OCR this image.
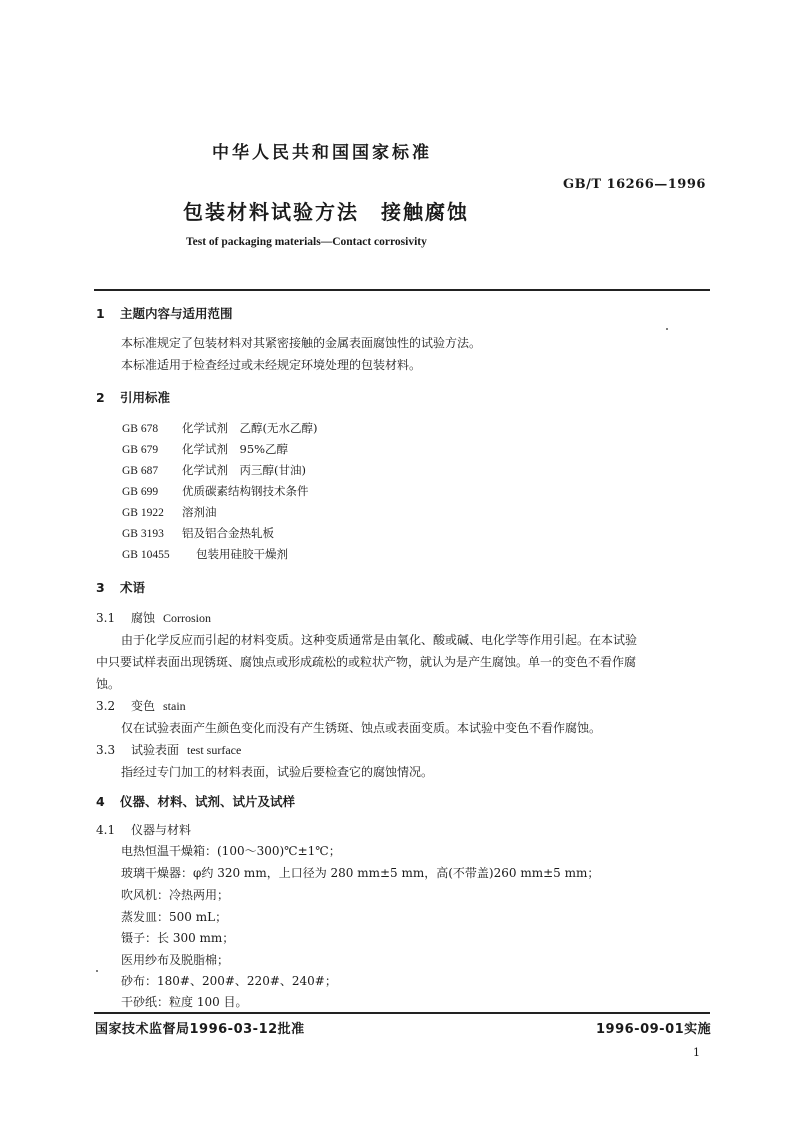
中华人民共和国国家标准
GB/T 16266—1996
包装材料试验方法　接触腐蚀
Test of packaging materials—Contact corrosivity
1 主题内容与适用范围
本标准规定了包装材料对其紧密接触的金属表面腐蚀性的试验方法。
本标准适用于检查经过或未经规定环境处理的包装材料。
2 引用标准
GB 678 化学试剂　乙醇(无水乙醇)
GB 679 化学试剂　95%乙醇
GB 687 化学试剂　丙三醇(甘油)
GB 699 优质碳素结构钢技术条件
GB 1922 溶剂油
GB 3193 铝及铝合金热轧板
GB 10455 包装用硅胶干燥剂
3 术语
3.1 腐蚀 Corrosion
由于化学反应而引起的材料变质。这种变质通常是由氧化、酸或碱、电化学等作用引起。在本试验
中只要试样表面出现锈斑、腐蚀点或形成疏松的或粒状产物，就认为是产生腐蚀。单一的变色不看作腐
蚀。
3.2 变色 stain
仅在试验表面产生颜色变化而没有产生锈斑、蚀点或表面变质。本试验中变色不看作腐蚀。
3.3 试验表面 test surface
指经过专门加工的材料表面，试验后要检查它的腐蚀情况。
4 仪器、材料、试剂、试片及试样
4.1 仪器与材料
电热恒温干燥箱：(100～300)℃±1℃；
玻璃干燥器：φ约 320 mm，上口径为 280 mm±5 mm，高(不带盖)260 mm±5 mm；
吹风机：冷热两用；
蒸发皿：500 mL；
镊子：长 300 mm；
医用纱布及脱脂棉；
砂布：180#、200#、220#、240#；
干砂纸：粒度 100 目。
国家技术监督局1996-03-12批准	1996-09-01实施
1
